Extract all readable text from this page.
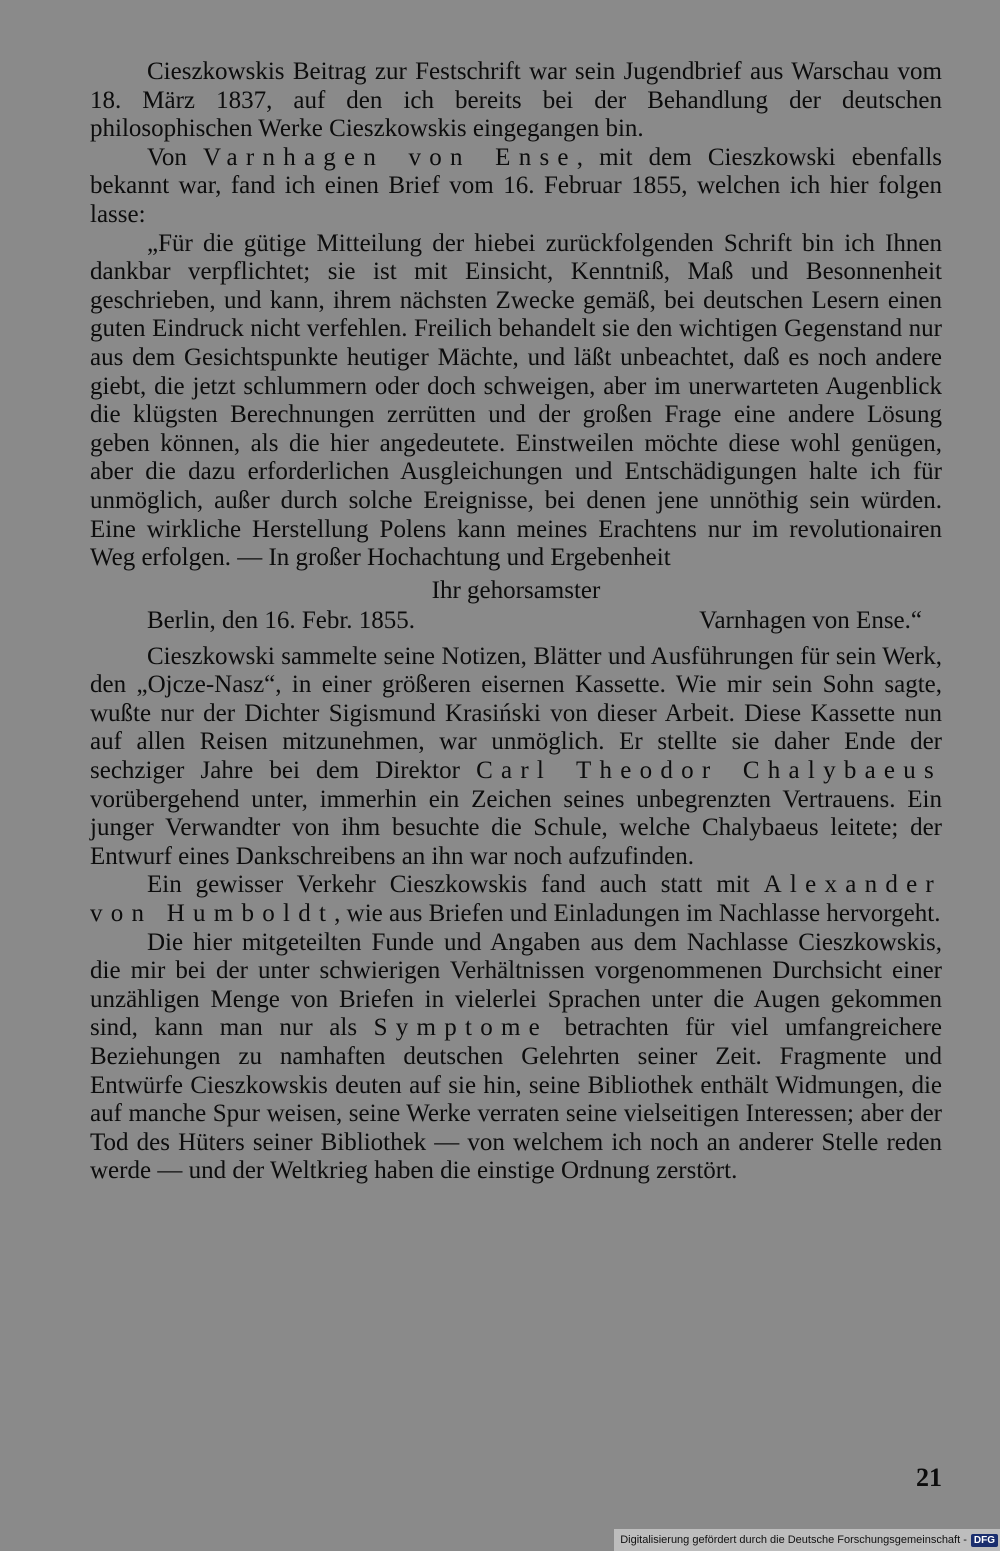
Cieszkowskis Beitrag zur Festschrift war sein Jugendbrief aus Warschau vom 18. März 1837, auf den ich bereits bei der Behandlung der deutschen philosophischen Werke Cieszkowskis eingegangen bin.

Von Varnhagen von Ense, mit dem Cieszkowski ebenfalls bekannt war, fand ich einen Brief vom 16. Februar 1855, welchen ich hier folgen lasse:

„Für die gütige Mitteilung der hiebei zurückfolgenden Schrift bin ich Ihnen dankbar verpflichtet; sie ist mit Einsicht, Kenntniß, Maß und Besonnenheit geschrieben, und kann, ihrem nächsten Zwecke gemäß, bei deutschen Lesern einen guten Eindruck nicht verfehlen. Freilich behandelt sie den wichtigen Gegenstand nur aus dem Gesichtspunkte heutiger Mächte, und läßt unbeachtet, daß es noch andere giebt, die jetzt schlummern oder doch schweigen, aber im unerwarteten Augenblick die klügsten Berechnungen zerrütten und der großen Frage eine andere Lösung geben können, als die hier angedeutete. Einstweilen möchte diese wohl genügen, aber die dazu erforderlichen Ausgleichungen und Entschädigungen halte ich für unmöglich, außer durch solche Ereignisse, bei denen jene unnöthig sein würden. Eine wirkliche Herstellung Polens kann meines Erachtens nur im revolutionairen Weg erfolgen. — In großer Hochachtung und Ergebenheit

Ihr gehorsamster
Berlin, den 16. Febr. 1855.	Varnhagen von Ense.“

Cieszkowski sammelte seine Notizen, Blätter und Ausführungen für sein Werk, den „Ojcze-Nasz“, in einer größeren eisernen Kassette. Wie mir sein Sohn sagte, wußte nur der Dichter Sigismund Krasiński von dieser Arbeit. Diese Kassette nun auf allen Reisen mitzunehmen, war unmöglich. Er stellte sie daher Ende der sechziger Jahre bei dem Direktor Carl Theodor Chalybaeus vorübergehend unter, immerhin ein Zeichen seines unbegrenzten Vertrauens. Ein junger Verwandter von ihm besuchte die Schule, welche Chalybaeus leitete; der Entwurf eines Dankschreibens an ihn war noch aufzufinden.

Ein gewisser Verkehr Cieszkowskis fand auch statt mit Alexander von Humboldt, wie aus Briefen und Einladungen im Nachlasse hervorgeht.

Die hier mitgeteilten Funde und Angaben aus dem Nachlasse Cieszkowskis, die mir bei der unter schwierigen Verhältnissen vorgenommenen Durchsicht einer unzähligen Menge von Briefen in vielerlei Sprachen unter die Augen gekommen sind, kann man nur als Symptome betrachten für viel umfangreichere Beziehungen zu namhaften deutschen Gelehrten seiner Zeit. Fragmente und Entwürfe Cieszkowskis deuten auf sie hin, seine Bibliothek enthält Widmungen, die auf manche Spur weisen, seine Werke verraten seine vielseitigen Interessen; aber der Tod des Hüters seiner Bibliothek — von welchem ich noch an anderer Stelle reden werde — und der Weltkrieg haben die einstige Ordnung zerstört.

21
Digitalisierung gefördert durch die Deutsche Forschungsgemeinschaft - DFG
